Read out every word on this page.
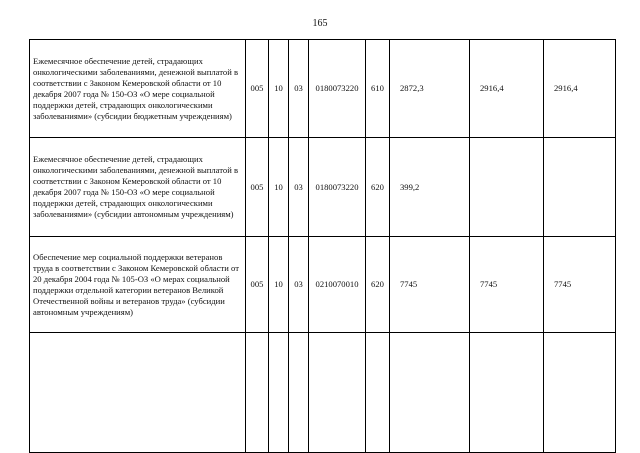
165
Ежемесячное обеспечение детей, страдающих онкологическими заболеваниями, денежной выплатой в соответствии с Законом Кемеровской области от 10 декабря 2007 года № 150-ОЗ «О мере социальной поддержки детей, страдающих онкологическими заболеваниями» (субсидии бюджетным учреждениям)	005	10	03	0180073220	610	2872,3	2916,4	2916,4
Ежемесячное обеспечение детей, страдающих онкологическими заболеваниями, денежной выплатой в соответствии с Законом Кемеровской области от 10 декабря 2007 года № 150-ОЗ «О мере социальной поддержки детей, страдающих онкологическими заболеваниями» (субсидии автономным учреждениям)	005	10	03	0180073220	620	399,2		
Обеспечение мер социальной поддержки ветеранов труда в соответствии с Законом Кемеровской области от 20 декабря 2004 года № 105-ОЗ «О мерах социальной поддержки отдельной категории ветеранов Великой Отечественной войны и ветеранов труда» (субсидии автономным учреждениям)	005	10	03	0210070010	620	7745	7745	7745
